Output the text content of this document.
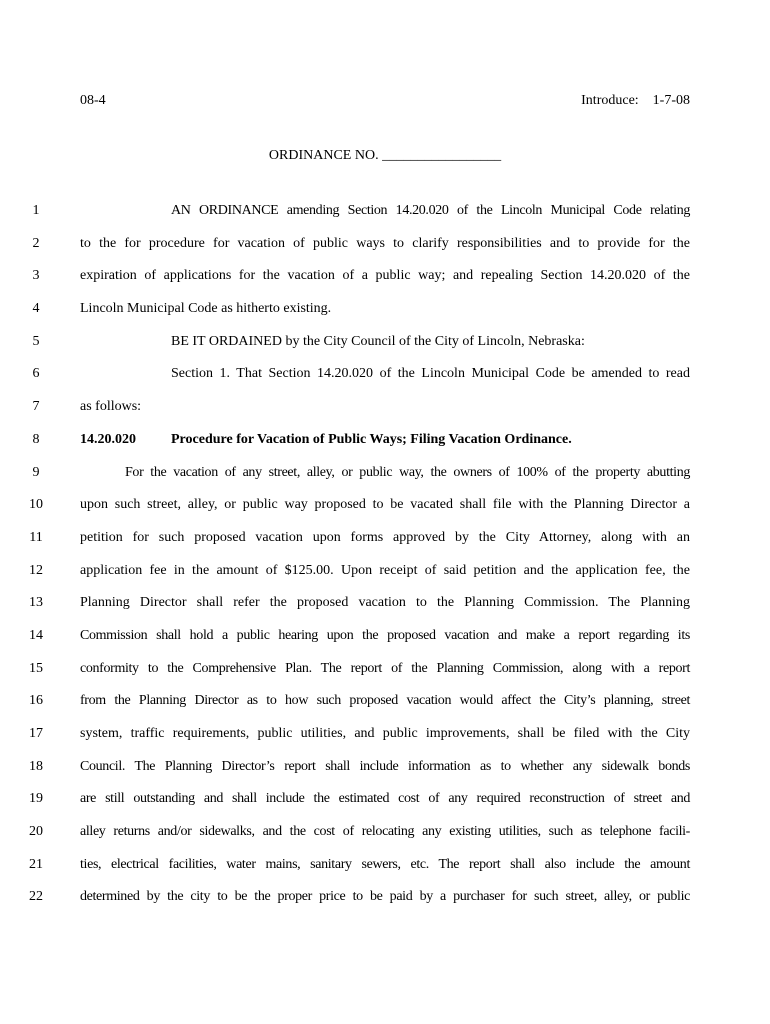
08-4	Introduce: 1-7-08
ORDINANCE NO. _________________
1	AN ORDINANCE amending Section 14.20.020 of the Lincoln Municipal Code relating
2	to the for procedure for vacation of public ways to clarify responsibilities and to provide for the
3	expiration of applications for the vacation of a public way; and repealing Section 14.20.020 of the
4	Lincoln Municipal Code as hitherto existing.
5	BE IT ORDAINED by the City Council of the City of Lincoln, Nebraska:
6	Section 1. That Section 14.20.020 of the Lincoln Municipal Code be amended to read
7	as follows:
8	14.20.020	Procedure for Vacation of Public Ways; Filing Vacation Ordinance.
9	For the vacation of any street, alley, or public way, the owners of 100% of the property abutting
10	upon such street, alley, or public way proposed to be vacated shall file with the Planning Director a
11	petition for such proposed vacation upon forms approved by the City Attorney, along with an
12	application fee in the amount of $125.00. Upon receipt of said petition and the application fee, the
13	Planning Director shall refer the proposed vacation to the Planning Commission. The Planning
14	Commission shall hold a public hearing upon the proposed vacation and make a report regarding its
15	conformity to the Comprehensive Plan. The report of the Planning Commission, along with a report
16	from the Planning Director as to how such proposed vacation would affect the City’s planning, street
17	system, traffic requirements, public utilities, and public improvements, shall be filed with the City
18	Council. The Planning Director’s report shall include information as to whether any sidewalk bonds
19	are still outstanding and shall include the estimated cost of any required reconstruction of street and
20	alley returns and/or sidewalks, and the cost of relocating any existing utilities, such as telephone facili-
21	ties, electrical facilities, water mains, sanitary sewers, etc. The report shall also include the amount
22	determined by the city to be the proper price to be paid by a purchaser for such street, alley, or public
